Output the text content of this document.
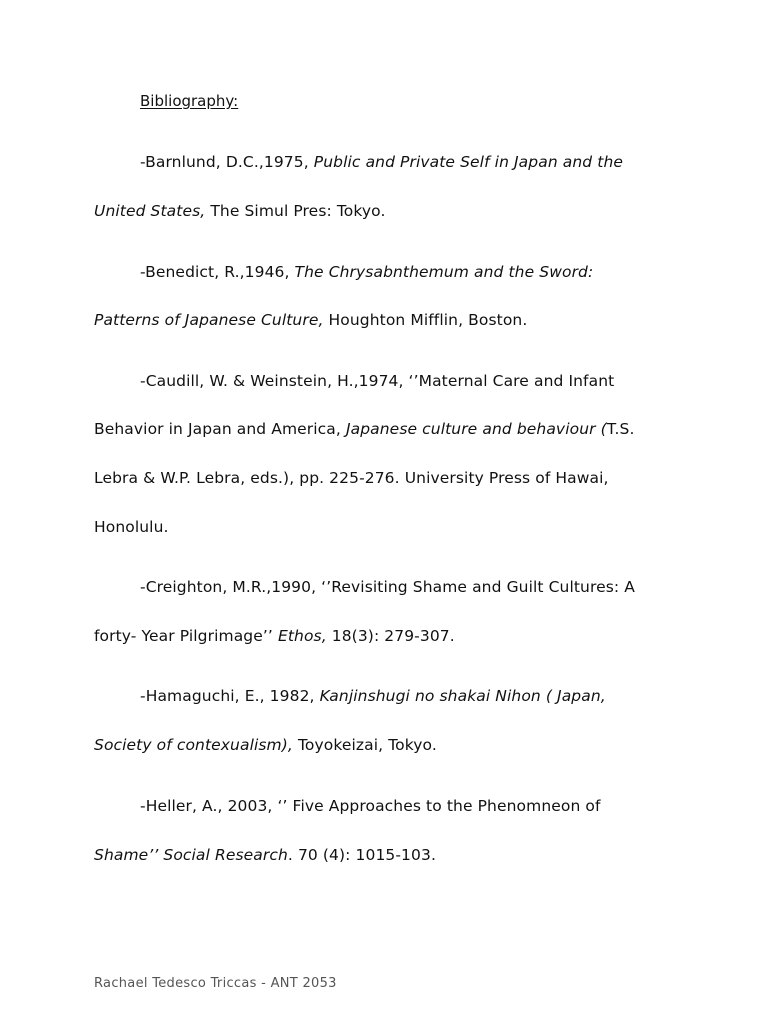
Bibliography:
-Barnlund, D.C.,1975, Public and Private Self in Japan and the
United States, The Simul Pres: Tokyo.
-Benedict, R.,1946, The Chrysabnthemum and the Sword:
Patterns of Japanese Culture, Houghton Mifflin, Boston.
-Caudill, W. & Weinstein, H.,1974, ‘’Maternal Care and Infant
Behavior in Japan and America, Japanese culture and behaviour (T.S.
Lebra & W.P. Lebra, eds.), pp. 225-276. University Press of Hawai,
Honolulu.
-Creighton, M.R.,1990, ‘’Revisiting Shame and Guilt Cultures: A
forty- Year Pilgrimage’’ Ethos, 18(3): 279-307.
-Hamaguchi, E., 1982, Kanjinshugi no shakai Nihon ( Japan,
Society of contexualism), Toyokeizai, Tokyo.
-Heller, A., 2003, ‘’ Five Approaches to the Phenomneon of
Shame’’ Social Research. 70 (4): 1015-103.
Rachael Tedesco Triccas - ANT 2053
